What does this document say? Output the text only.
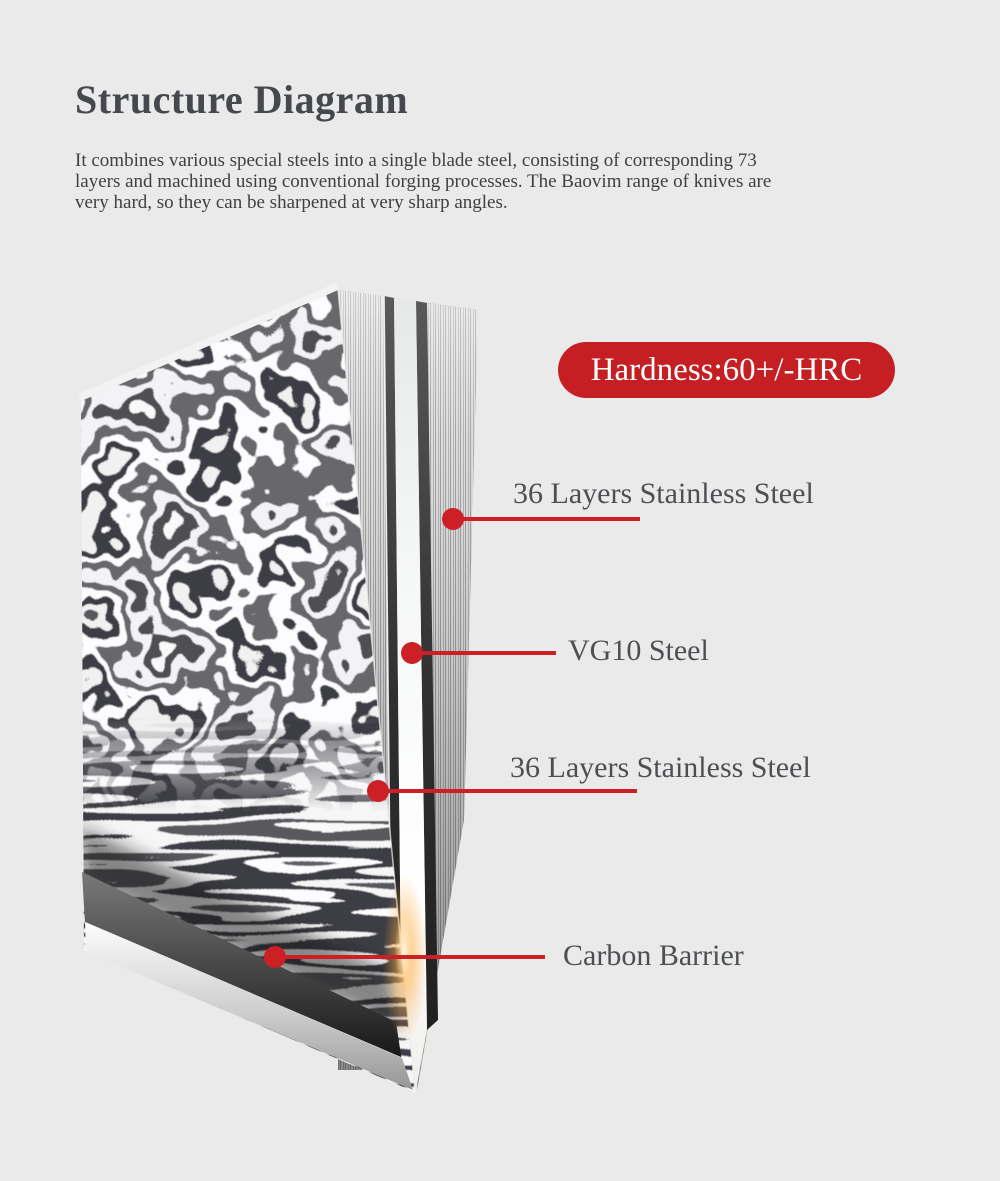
Structure Diagram
It combines various special steels into a single blade steel, consisting of corresponding 73
layers and machined using conventional forging processes. The Baovim range of knives are
very hard, so they can be sharpened at very sharp angles.
Hardness:60+/-HRC
36 Layers Stainless Steel
VG10 Steel
36 Layers Stainless Steel
Carbon Barrier
